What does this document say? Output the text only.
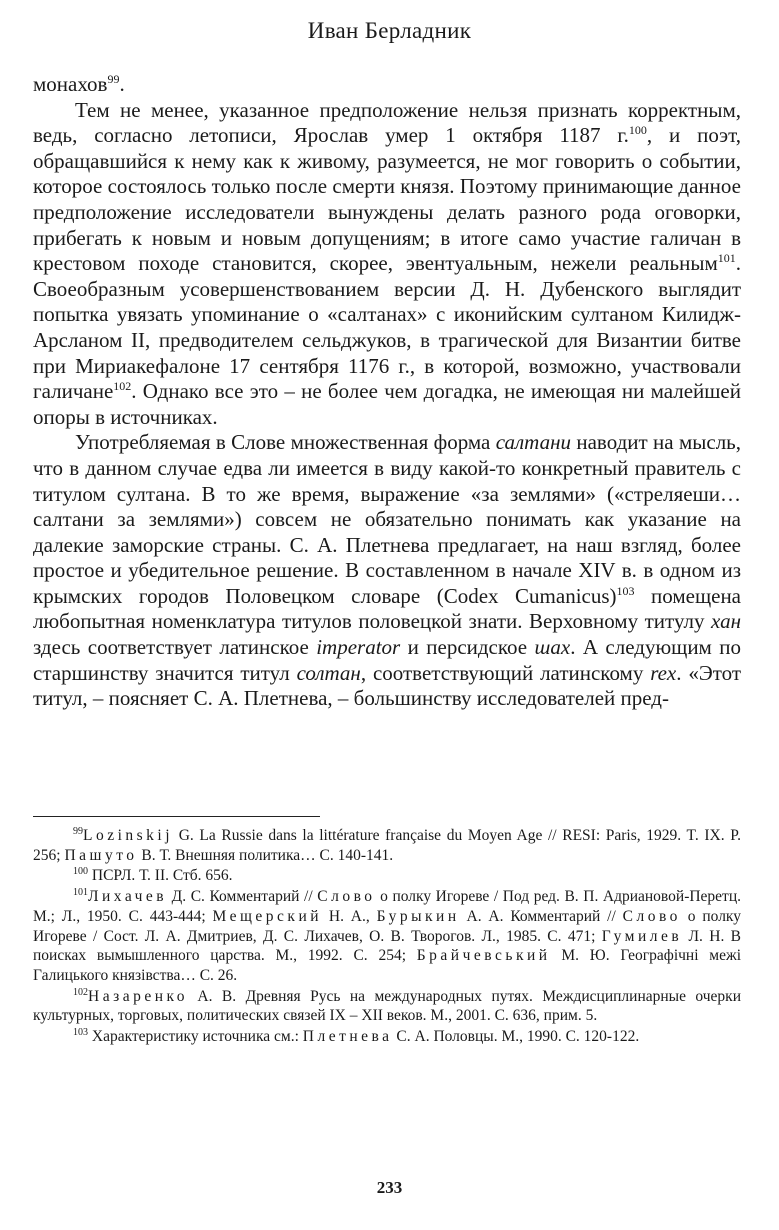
Иван Берладник

монахов$^{99}$.

Тем не менее, указанное предположение нельзя признать корректным, ведь, согласно летописи, Ярослав умер 1 октября 1187 г.$^{100}$, и поэт, обращавшийся к нему как к живому, разумеется, не мог говорить о событии, которое состоялось только после смерти князя. Поэтому принимающие данное предположение исследователи вынуждены делать разного рода оговорки, прибегать к новым и новым допущениям; в итоге само участие галичан в крестовом походе становится, скорее, эвентуальным, нежели реальным$^{101}$. Своеобразным усовершенствованием версии Д. Н. Дубенского выглядит попытка увязать упоминание о «салтанах» с иконийским султаном Килидж-Арсланом II, предводителем сельджуков, в трагической для Византии битве при Мириакефалоне 17 сентября 1176 г., в которой, возможно, участвовали галичане$^{102}$. Однако все это – не более чем догадка, не имеющая ни малейшей опоры в источниках.

Употребляемая в Слове множественная форма салтани наводит на мысль, что в данном случае едва ли имеется в виду какой-то конкретный правитель с титулом султана. В то же время, выражение «за землями» («стреляеши… салтани за землями») совсем не обязательно понимать как указание на далекие заморские страны. С. А. Плетнева предлагает, на наш взгляд, более простое и убедительное решение. В составленном в начале XIV в. в одном из крымских городов Половецком словаре (Codex Cumanicus)$^{103}$ помещена любопытная номенклатура титулов половецкой знати. Верховному титулу хан здесь соответствует латинское imperator и персидское шах. А следующим по старшинству значится титул солтан, соответствующий латинскому rex. «Этот титул, – поясняет С. А. Плетнева, – большинству исследователей пред-

$^{99}$Lozinskij G. La Russie dans la littérature française du Moyen Age // RESI: Paris, 1929. T. IX. P. 256; Пашуто В. Т. Внешняя политика… С. 140-141.

$^{100}$ ПСРЛ. Т. II. Стб. 656.

$^{101}$Лихачев Д. С. Комментарий // Слово о полку Игореве / Под ред. В. П. Адриановой-Перетц. М.; Л., 1950. С. 443-444; Мещерский Н. А., Бурыкин А. А. Комментарий // Слово о полку Игореве / Сост. Л. А. Дмитриев, Д. С. Лихачев, О. В. Творогов. Л., 1985. С. 471; Гумилев Л. Н. В поисках вымышленного царства. М., 1992. С. 254; Брайчевський М. Ю. Географічні межі Галицького князівства… С. 26.

$^{102}$Назаренко А. В. Древняя Русь на международных путях. Междисциплинарные очерки культурных, торговых, политических связей IX – XII веков. М., 2001. С. 636, прим. 5.

$^{103}$ Характеристику источника см.: Плетнева С. А. Половцы. М., 1990. С. 120-122.

233
